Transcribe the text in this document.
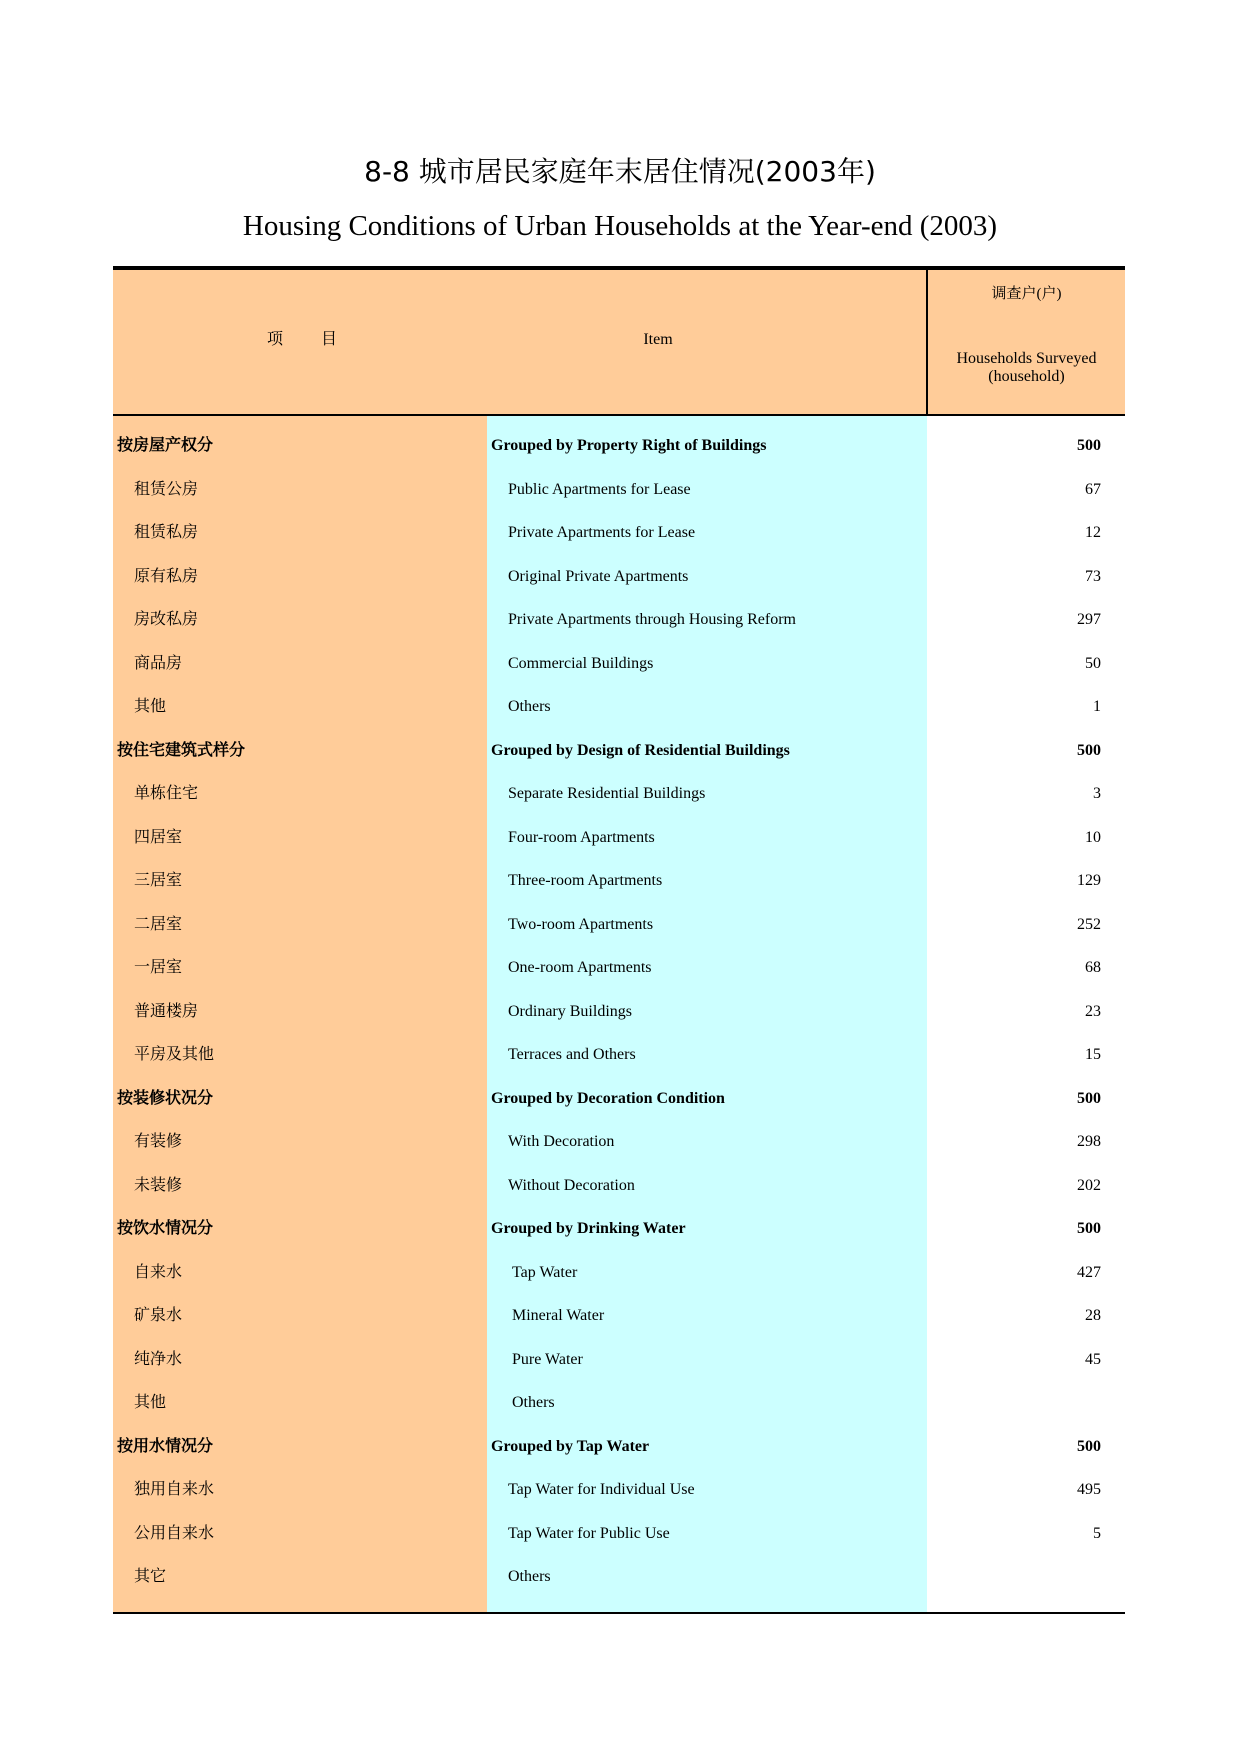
8-8 城市居民家庭年末居住情况(2003年)
Housing Conditions of Urban Households at the Year-end (2003)
项　　目	Item
调查户(户)
Households Surveyed (household)
按房屋产权分	Grouped by Property Right of Buildings	500
租赁公房	Public Apartments for Lease	67
租赁私房	Private Apartments for Lease	12
原有私房	Original Private Apartments	73
房改私房	Private Apartments through Housing Reform	297
商品房	Commercial Buildings	50
其他	Others	1
按住宅建筑式样分	Grouped by Design of Residential Buildings	500
单栋住宅	Separate Residential Buildings	3
四居室	Four-room Apartments	10
三居室	Three-room Apartments	129
二居室	Two-room Apartments	252
一居室	One-room Apartments	68
普通楼房	Ordinary Buildings	23
平房及其他	Terraces and Others	15
按装修状况分	Grouped by Decoration Condition	500
有装修	With Decoration	298
未装修	Without Decoration	202
按饮水情况分	Grouped by Drinking Water	500
自来水	Tap Water	427
矿泉水	Mineral Water	28
纯净水	Pure Water	45
其他	Others
按用水情况分	Grouped by Tap Water	500
独用自来水	Tap Water for Individual Use	495
公用自来水	Tap Water for Public Use	5
其它	Others
